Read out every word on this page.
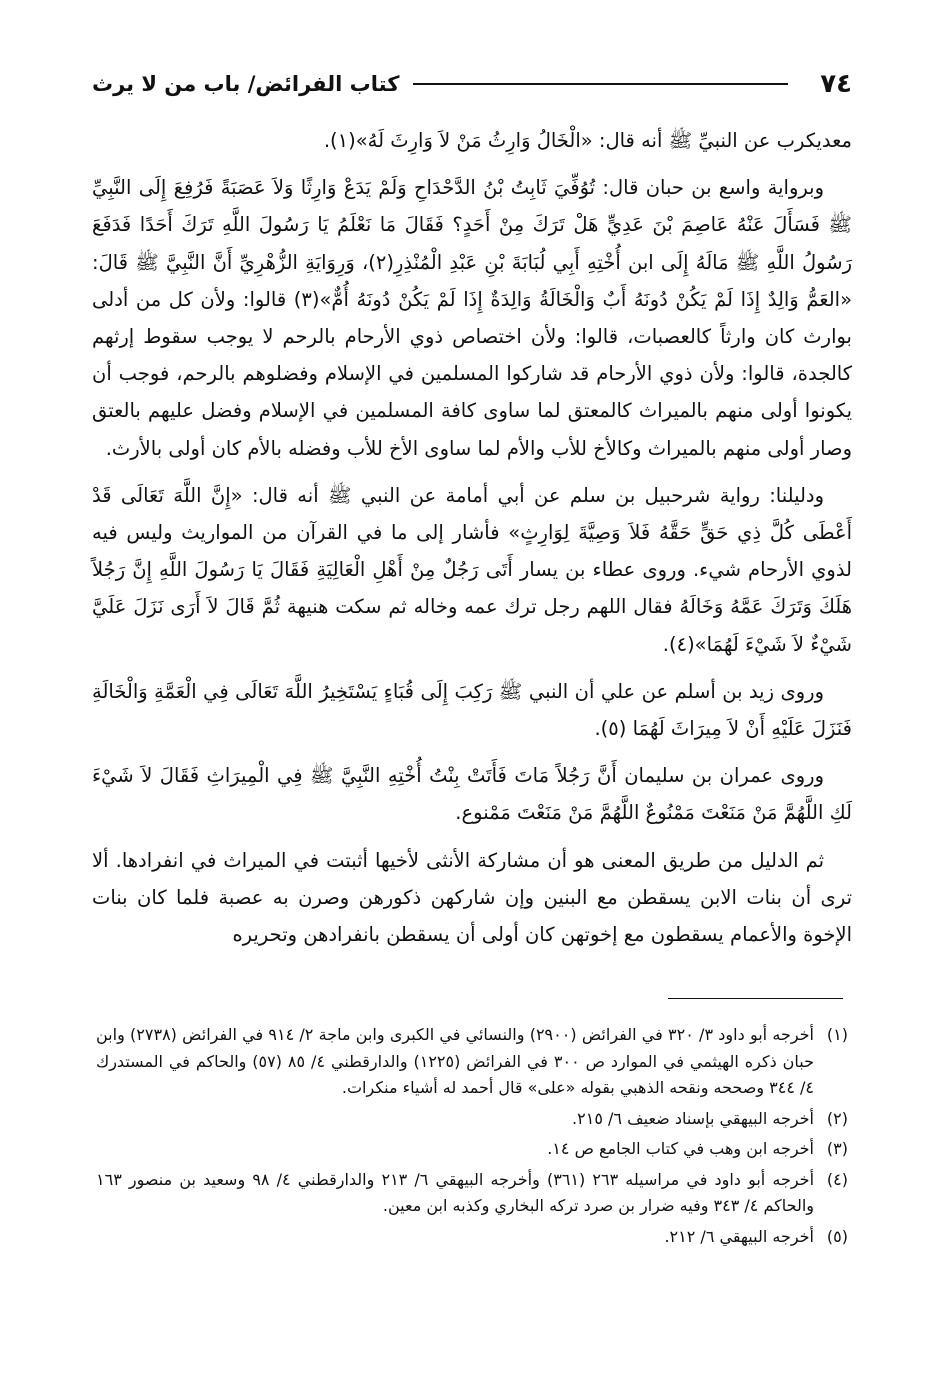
٧٤
كتاب الفرائض/ باب من لا يرث

معديكرب عن النبيِّ ﷺ أنه قال: «الْخَالُ وَارِثُ مَنْ لاَ وَارِثَ لَهُ»(١).

وبرواية واسع بن حبان قال: تُوُفِّيَ ثَابِتُ بْنُ الدَّحْدَاحِ وَلَمْ يَدَعْ وَارِثًا وَلاَ عَصَبَةً فَرُفِعَ إِلَى النَّبِيِّ ﷺ فَسَأَلَ عَنْهُ عَاصِمَ بْنَ عَدِيٍّ هَلْ تَرَكَ مِنْ أَحَدٍ؟ فَقَالَ مَا نَعْلَمُ يَا رَسُولَ اللَّهِ تَرَكَ أَحَدًا فَدَفَعَ رَسُولُ اللَّهِ ﷺ مَالَهُ إِلَى ابن أُخْتِهِ أَبِي لُبَابَةَ بْنِ عَبْدِ الْمُنْذِرِ(٢)، وَرِوَايَةِ الزُّهْرِيِّ أَنَّ النَّبِيَّ ﷺ قَالَ: «العَمُّ وَالِدٌ إِذَا لَمْ يَكُنْ دُونَهُ أَبٌ وَالْخَالَةُ وَالِدَةٌ إِذَا لَمْ يَكُنْ دُونَهُ أُمٌّ»(٣) قالوا: ولأن كل من أدلى بوارث كان وارثاً كالعصبات، قالوا: ولأن اختصاص ذوي الأرحام بالرحم لا يوجب سقوط إرثهم كالجدة، قالوا: ولأن ذوي الأرحام قد شاركوا المسلمين في الإسلام وفضلوهم بالرحم، فوجب أن يكونوا أولى منهم بالميراث كالمعتق لما ساوى كافة المسلمين في الإسلام وفضل عليهم بالعتق وصار أولى منهم بالميراث وكالأخ للأب والأم لما ساوى الأخ للأب وفضله بالأم كان أولى بالأرث.

ودليلنا: رواية شرحبيل بن سلم عن أبي أمامة عن النبي ﷺ أنه قال: «إِنَّ اللَّهَ تَعَالَى قَدْ أَعْطَى كُلَّ ذِي حَقٍّ حَقَّهُ فَلاَ وَصِيَّةَ لِوَارِثٍ» فأشار إلى ما في القرآن من المواريث وليس فيه لذوي الأرحام شيء. وروى عطاء بن يسار أَتَى رَجُلٌ مِنْ أَهْلِ الْعَالِيَةِ فَقَالَ يَا رَسُولَ اللَّهِ إِنَّ رَجُلاً هَلَكَ وَتَرَكَ عَمَّهُ وَخَالَهُ فقال اللهم رجل ترك عمه وخاله ثم سكت هنيهة ثُمَّ قَالَ لاَ أَرَى نَزَلَ عَلَيَّ شَيْءٌ لاَ شَيْءَ لَهُمَا»(٤).

وروى زيد بن أسلم عن علي أن النبي ﷺ رَكِبَ إِلَى قُبَاءٍ يَسْتَخِيرُ اللَّهَ تَعَالَى فِي الْعَمَّةِ وَالْخَالَةِ فَنَزَلَ عَلَيْهِ أَنْ لاَ مِيرَاثَ لَهُمَا (٥).

وروى عمران بن سليمان أَنَّ رَجُلاً مَاتَ فَأَتَتْ بِنْتُ أُخْتِهِ النَّبِيَّ ﷺ فِي الْمِيرَاثِ فَقَالَ لاَ شَيْءَ لَكِ اللَّهُمَّ مَنْ مَنَعْتَ مَمْنُوعٌ اللَّهُمَّ مَنْ مَنَعْتَ مَمْنوع.

ثم الدليل من طريق المعنى هو أن مشاركة الأنثى لأخيها أثبتت في الميراث في انفرادها. ألا ترى أن بنات الابن يسقطن مع البنين وإن شاركهن ذكورهن وصرن به عصبة فلما كان بنات الإخوة والأعمام يسقطون مع إخوتهن كان أولى أن يسقطن بانفرادهن وتحريره

(١)
أخرجه أبو داود ٣/ ٣٢٠ في الفرائض (٢٩٠٠) والنسائي في الكبرى وابن ماجة ٢/ ٩١٤ في الفرائض (٢٧٣٨) وابن حبان ذكره الهيثمي في الموارد ص ٣٠٠ في الفرائض (١٢٢٥) والدارقطني ٤/ ٨٥ (٥٧) والحاكم في المستدرك ٤/ ٣٤٤ وصححه ونقحه الذهبي بقوله «على» قال أحمد له أشياء منكرات.
(٢)
أخرجه البيهقي بإسناد ضعيف ٦/ ٢١٥.
(٣)
أخرجه ابن وهب في كتاب الجامع ص ١٤.
(٤)
أخرجه أبو داود في مراسيله ٢٦٣ (٣٦١) وأخرجه البيهقي ٦/ ٢١٣ والدارقطني ٤/ ٩٨ وسعيد بن منصور ١٦٣ والحاكم ٤/ ٣٤٣ وفيه ضرار بن صرد تركه البخاري وكذبه ابن معين.
(٥)
أخرجه البيهقي ٦/ ٢١٢.
